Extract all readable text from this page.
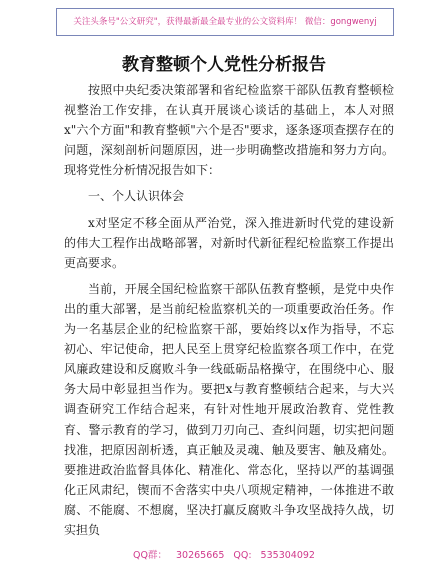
关注头条号"公文研究"，获得最新最全最专业的公文资料库！ 微信：gongwenyj
教育整顿个人党性分析报告

按照中央纪委决策部署和省纪检监察干部队伍教育整顿检视整治工作安排，在认真开展谈心谈话的基础上，本人对照x"六个方面"和教育整顿"六个是否"要求，逐条逐项查摆存在的问题，深刻剖析问题原因，进一步明确整改措施和努力方向。现将党性分析情况报告如下：

一、个人认识体会

x对坚定不移全面从严治党，深入推进新时代党的建设新的伟大工程作出战略部署，对新时代新征程纪检监察工作提出更高要求。

当前，开展全国纪检监察干部队伍教育整顿，是党中央作出的重大部署，是当前纪检监察机关的一项重要政治任务。作为一名基层企业的纪检监察干部，要始终以x作为指导，不忘初心、牢记使命，把人民至上贯穿纪检监察各项工作中，在党风廉政建设和反腐败斗争一线砥砺品格操守，在围绕中心、服务大局中彰显担当作为。要把x与教育整顿结合起来，与大兴调查研究工作结合起来，有针对性地开展政治教育、党性教育、警示教育的学习，做到刀刃向己、查纠问题，切实把问题找准，把原因剖析透，真正触及灵魂、触及要害、触及痛处。要推进政治监督具体化、精准化、常态化，坚持以严的基调强化正风肃纪，锲而不舍落实中央八项规定精神，一体推进不敢腐、不能腐、不想腐，坚决打赢反腐败斗争攻坚战持久战，切实担负

QQ群： 30265665 QQ: 535304092
